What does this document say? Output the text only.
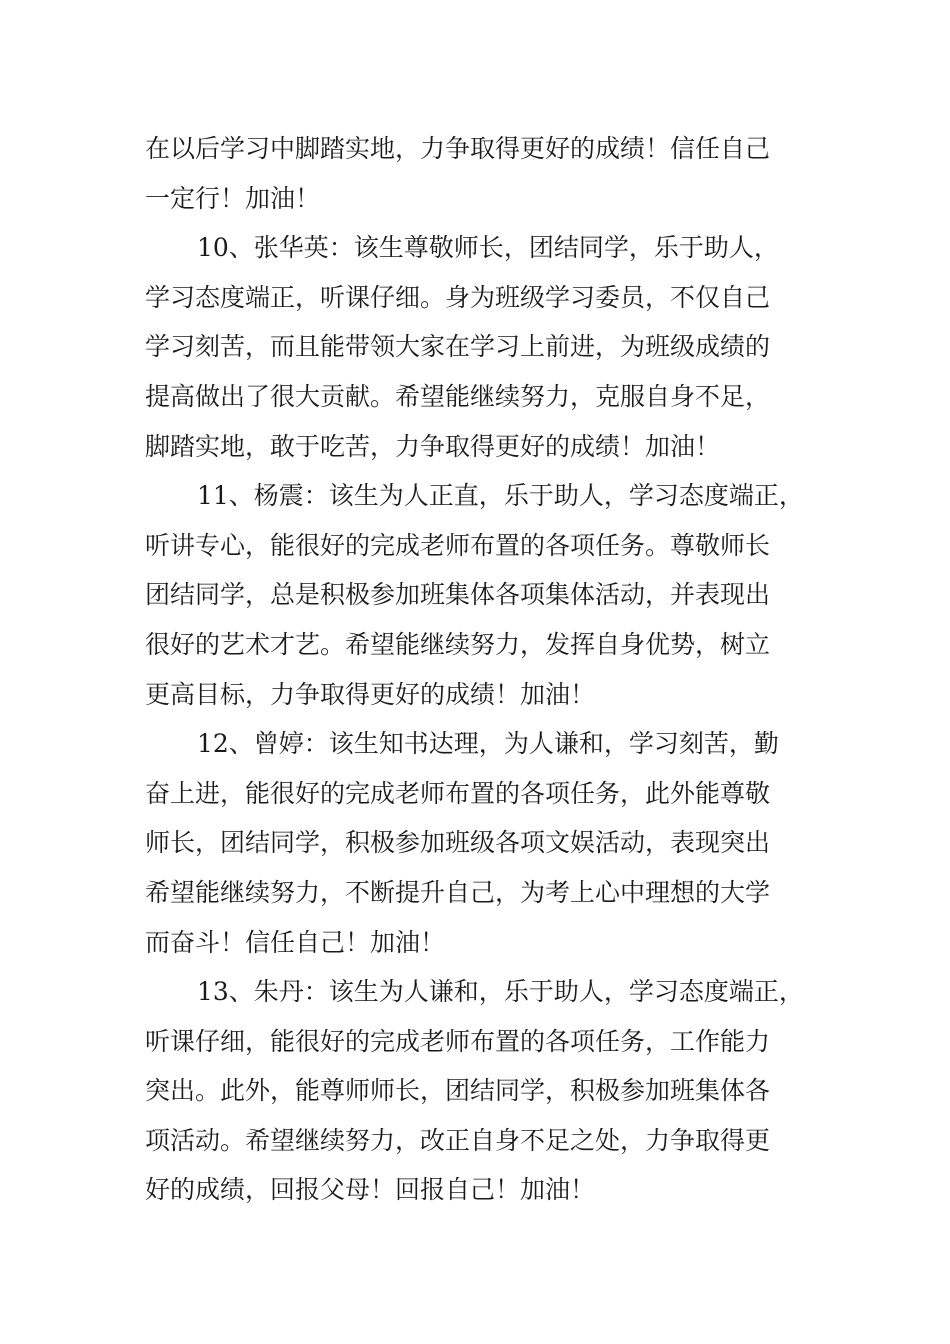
在以后学习中脚踏实地，力争取得更好的成绩！信任自己
一定行！加油！
10、张华英：该生尊敬师长，团结同学，乐于助人，
学习态度端正，听课仔细。身为班级学习委员，不仅自己
学习刻苦，而且能带领大家在学习上前进，为班级成绩的
提高做出了很大贡献。希望能继续努力，克服自身不足，
脚踏实地，敢于吃苦，力争取得更好的成绩！加油！
11、杨震：该生为人正直，乐于助人，学习态度端正，
听讲专心，能很好的完成老师布置的各项任务。尊敬师长
团结同学，总是积极参加班集体各项集体活动，并表现出
很好的艺术才艺。希望能继续努力，发挥自身优势，树立
更高目标，力争取得更好的成绩！加油！
12、曾婷：该生知书达理，为人谦和，学习刻苦，勤
奋上进，能很好的完成老师布置的各项任务，此外能尊敬
师长，团结同学，积极参加班级各项文娱活动，表现突出
希望能继续努力，不断提升自己，为考上心中理想的大学
而奋斗！信任自己！加油！
13、朱丹：该生为人谦和，乐于助人，学习态度端正，
听课仔细，能很好的完成老师布置的各项任务，工作能力
突出。此外，能尊师师长，团结同学，积极参加班集体各
项活动。希望继续努力，改正自身不足之处，力争取得更
好的成绩，回报父母！回报自己！加油！
